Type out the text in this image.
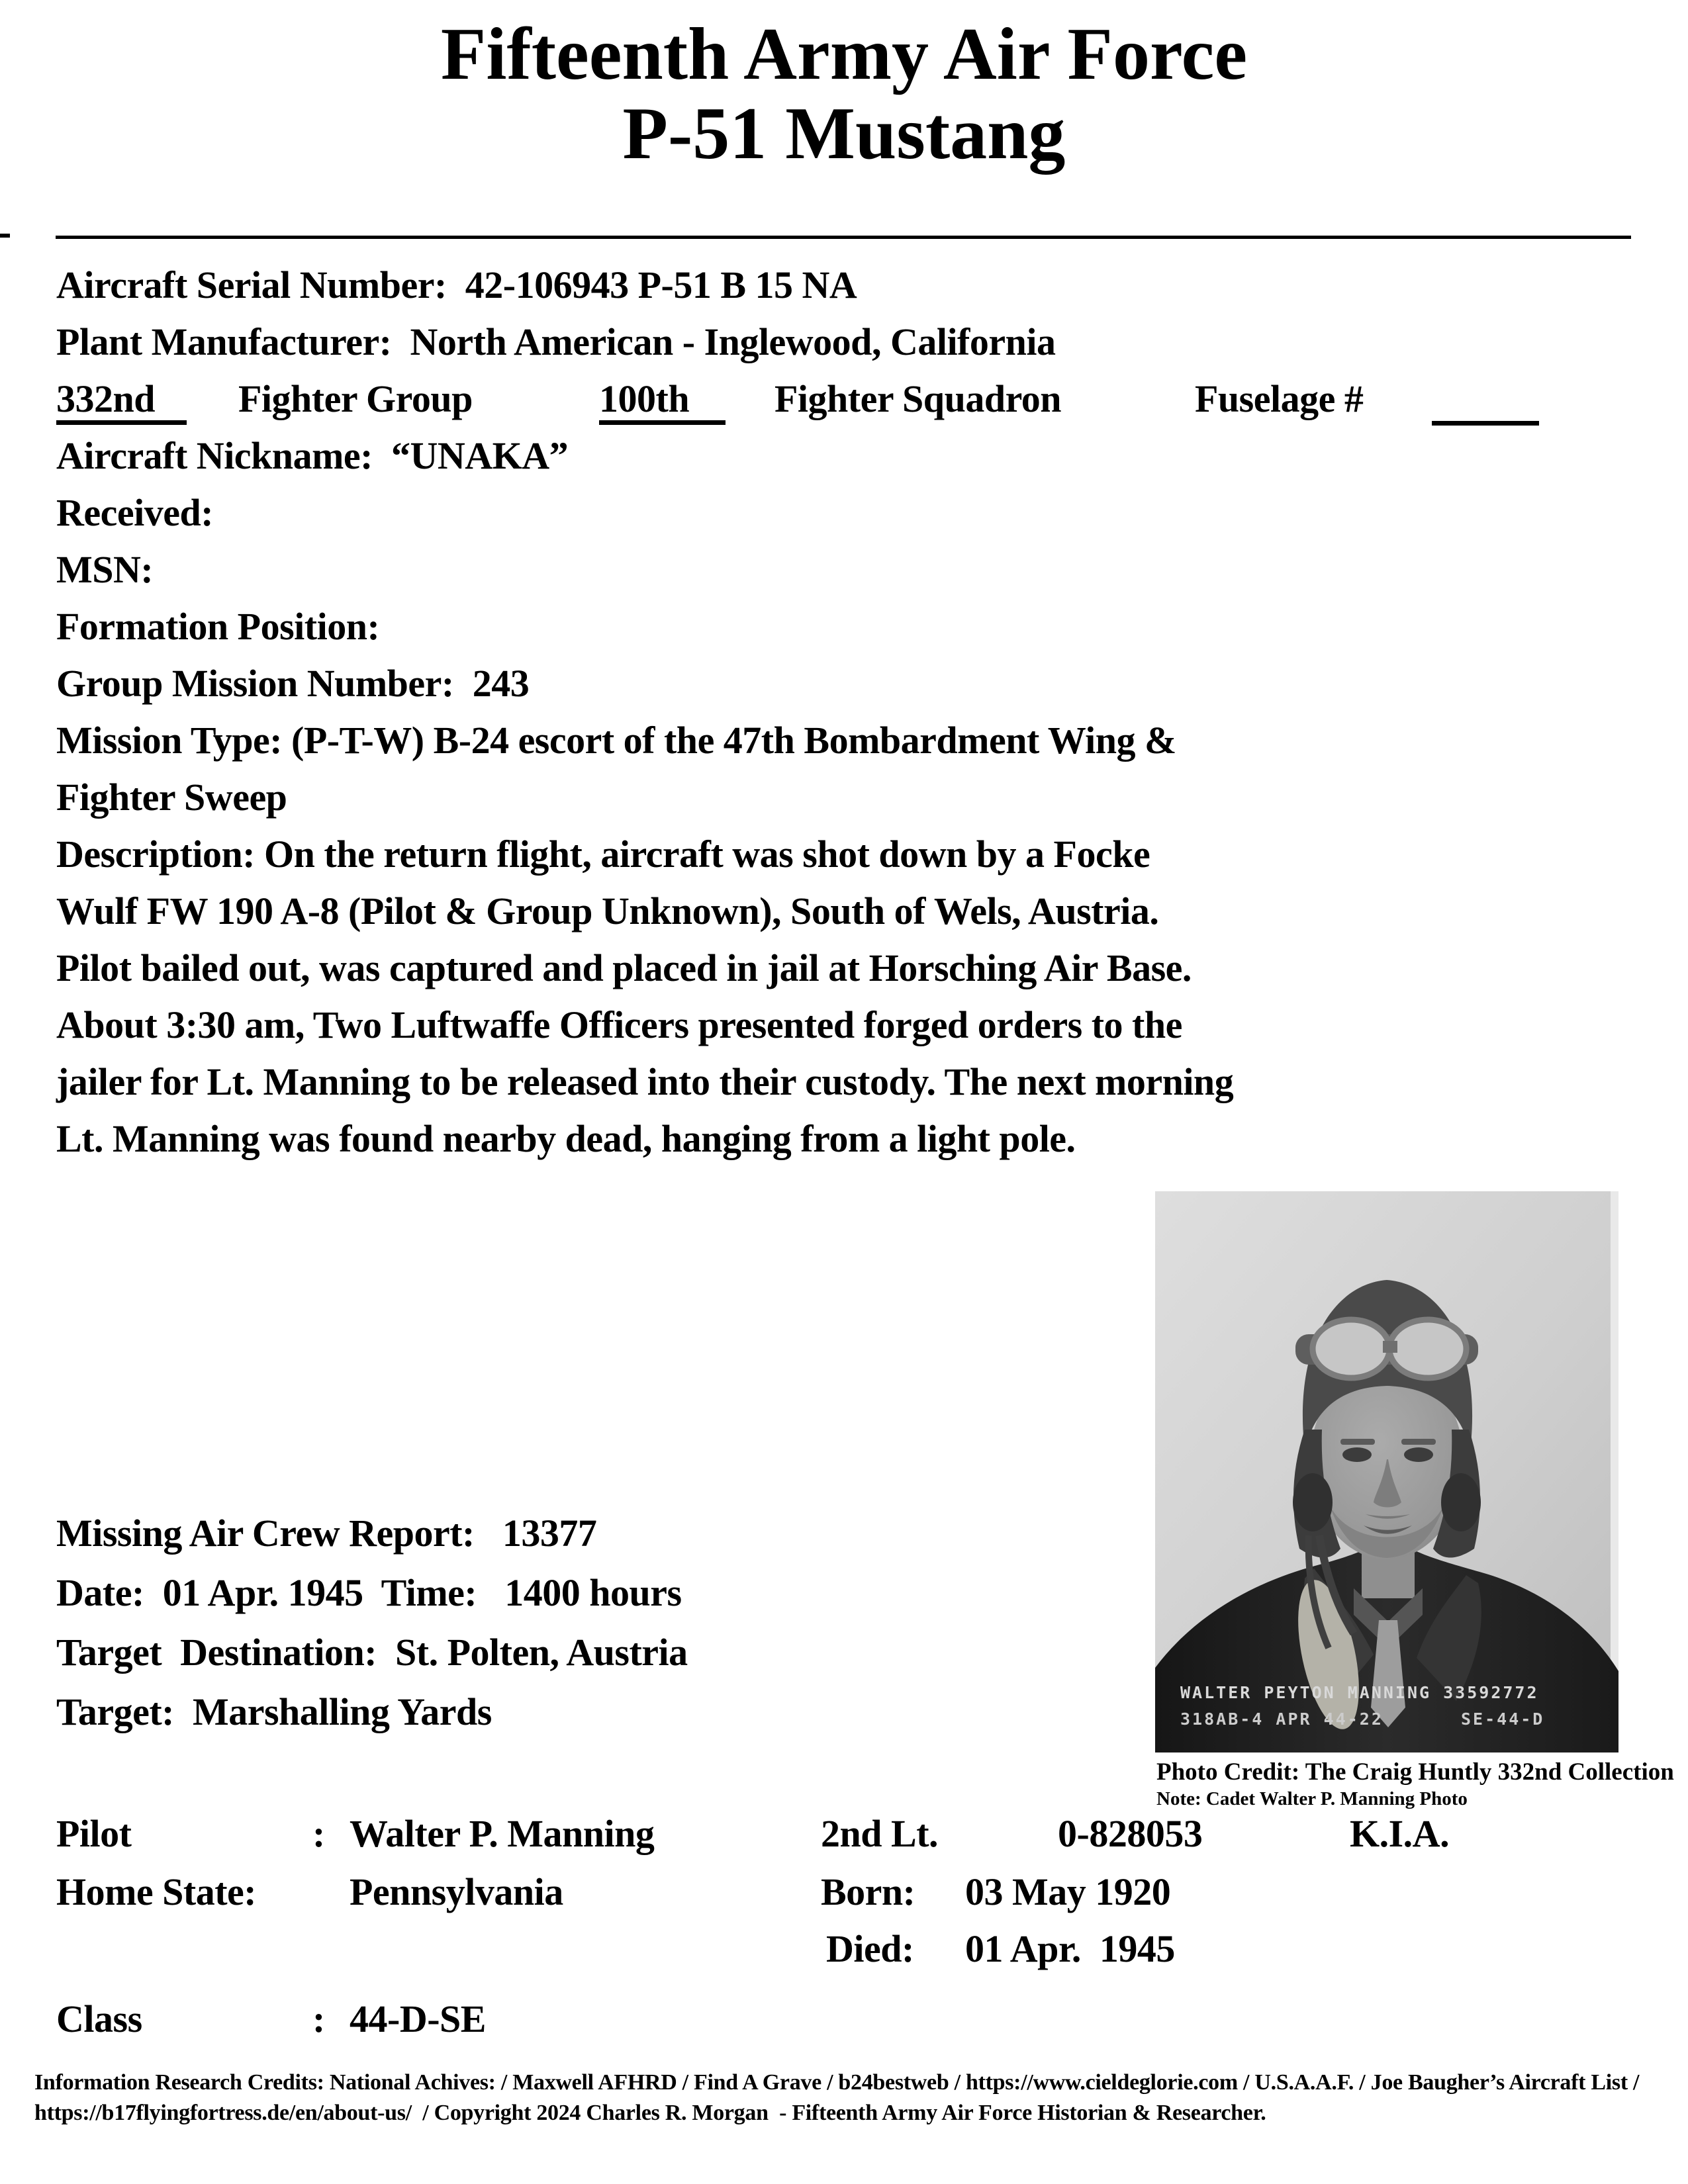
Fifteenth Army Air Force
P-51 Mustang
Aircraft Serial Number:  42-106943 P-51 B 15 NA
Plant Manufacturer:  North American - Inglewood, California
332nd	Fighter Group	100th	Fighter Squadron	Fuselage #
Aircraft Nickname:  “UNAKA”
Received:
MSN:
Formation Position:
Group Mission Number:  243
Mission Type: (P-T-W) B-24 escort of the 47th Bombardment Wing &
Fighter Sweep
Description: On the return flight, aircraft was shot down by a Focke
Wulf FW 190 A-8 (Pilot & Group Unknown), South of Wels, Austria.
Pilot bailed out, was captured and placed in jail at Horsching Air Base.
About 3:30 am, Two Luftwaffe Officers presented forged orders to the
jailer for Lt. Manning to be released into their custody. The next morning
Lt. Manning was found nearby dead, hanging from a light pole.
Missing Air Crew Report:   13377
Date:  01 Apr. 1945  Time:   1400 hours
Target  Destination:  St. Polten, Austria
Target:  Marshalling Yards	WALTER PEYTON MANNING 33592772
318AB-4 APR 44-22	SE-44-D
Photo Credit: The Craig Huntly 332nd Collection
Note: Cadet Walter P. Manning Photo
Pilot	: Walter P. Manning	2nd Lt.	0-828053	K.I.A.
Home State: Pennsylvania	Born: 03 May 1920
Died: 01 Apr.  1945
Class	: 44-D-SE
Information Research Credits: National Achives: / Maxwell AFHRD / Find A Grave / b24bestweb / https://www.cieldeglorie.com / U.S.A.A.F. / Joe Baugher’s Aircraft List /
https://b17flyingfortress.de/en/about-us/  / Copyright 2024 Charles R. Morgan  - Fifteenth Army Air Force Historian & Researcher.
